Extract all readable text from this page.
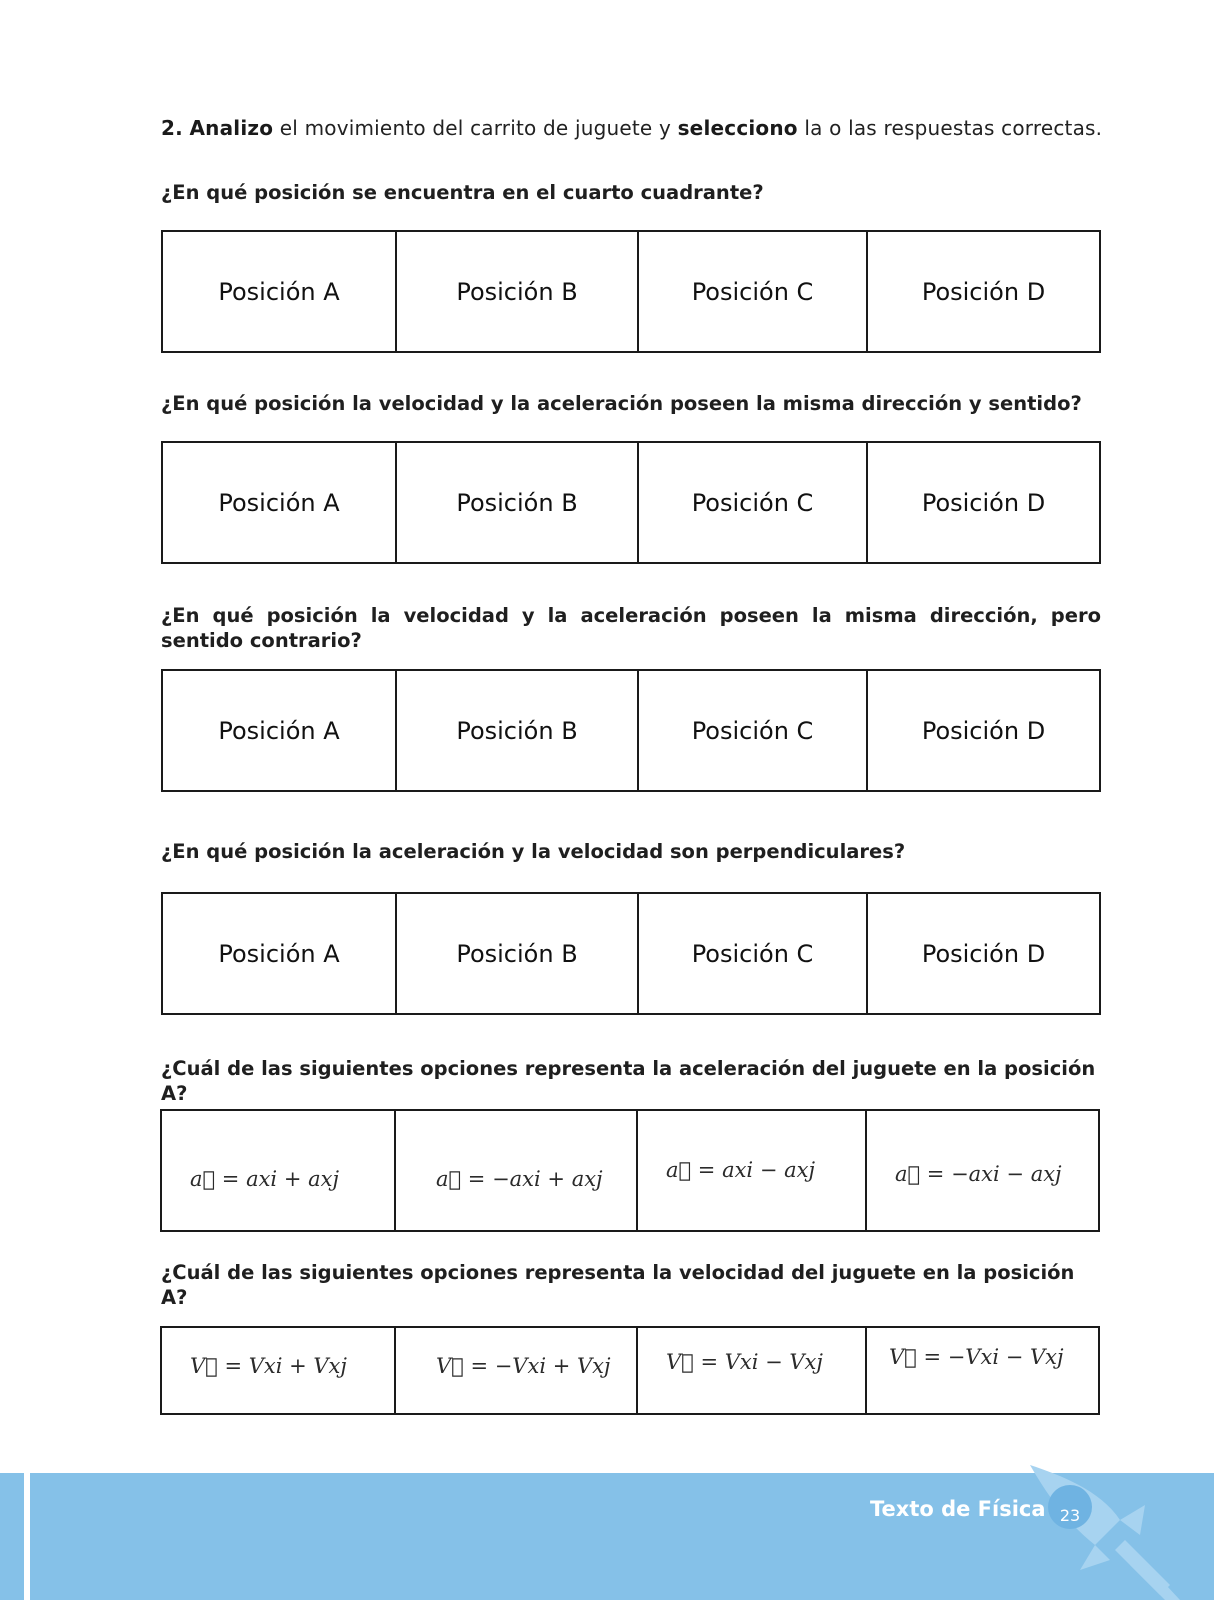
2. Analizo el movimiento del carrito de juguete y selecciono la o las respuestas correctas.
¿En qué posición se encuentra en el cuarto cuadrante?
Posición A	Posición B	Posición C	Posición D
¿En qué posición la velocidad y la aceleración poseen la misma dirección y sentido?
Posición A	Posición B	Posición C	Posición D
¿En qué posición la velocidad y la aceleración poseen la misma dirección, pero sentido contrario?
Posición A	Posición B	Posición C	Posición D
¿En qué posición la aceleración y la velocidad son perpendiculares?
Posición A	Posición B	Posición C	Posición D
¿Cuál de las siguientes opciones representa la aceleración del juguete en la posición A?
a⃗ = axi + axj	a⃗ = −axi + axj	a⃗ = axi − axj	a⃗ = −axi − axj
¿Cuál de las siguientes opciones representa la velocidad del juguete en la posición A?
V⃗ = Vxi + Vxj	V⃗ = −Vxi + Vxj	V⃗ = Vxi − Vxj	V⃗ = −Vxi − Vxj
Texto de Física 23
